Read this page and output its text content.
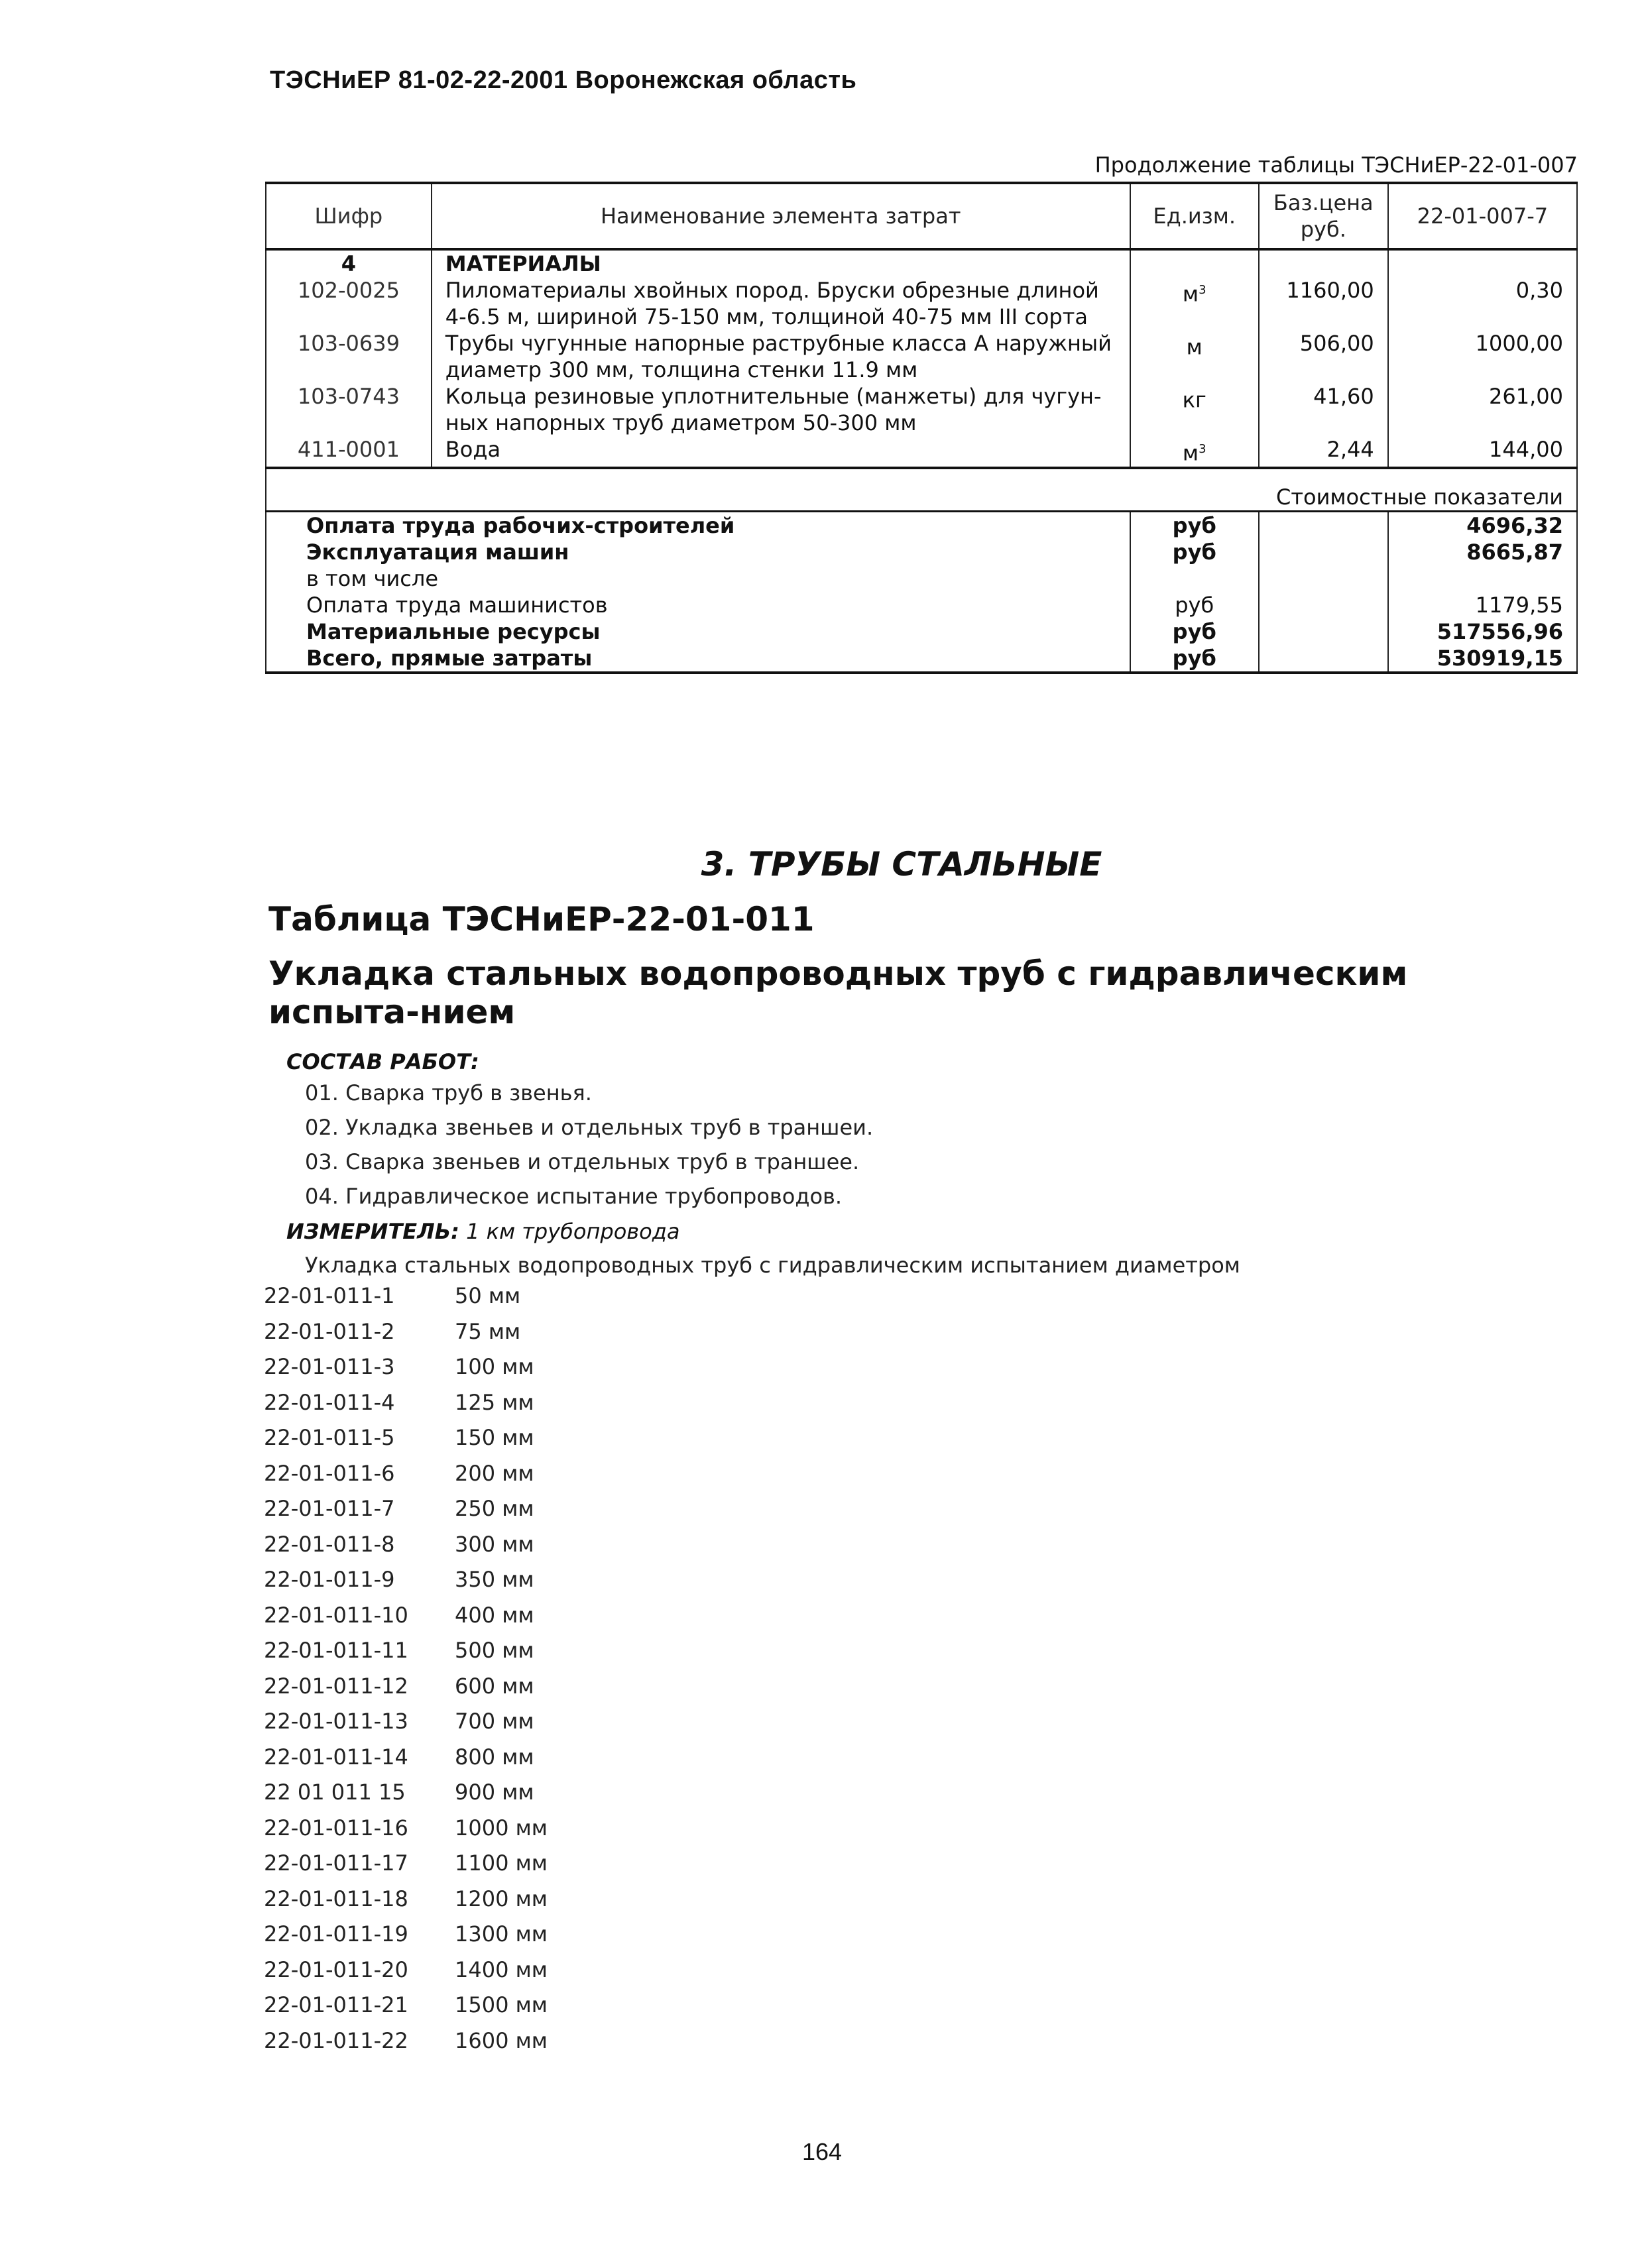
ТЭСНиЕР 81-02-22-2001 Воронежская область
Продолжение таблицы ТЭСНиЕР-22-01-007
Шифр	Наименование элемента затрат	Ед.изм.	Баз.цена руб.	22-01-007-7
4	МАТЕРИАЛЫ			
102-0025	Пиломатериалы хвойных пород. Бруски обрезные длиной 4-6.5 м, шириной 75-150 мм, толщиной 40-75 мм III сорта	$м^3$	1160,00	0,30
103-0639	Трубы чугунные напорные раструбные класса А наружный диаметр 300 мм, толщина стенки 11.9 мм	м	506,00	1000,00
103-0743	Кольца резиновые уплотнительные (манжеты) для чугун-ных напорных труб диаметром 50-300 мм	кг	41,60	261,00
411-0001	Вода	$м^3$	2,44	144,00

Стоимостные показатели				
Оплата труда рабочих-строителей		руб		4696,32
Эксплуатация машин		руб		8665,87
в том числе				
Оплата труда машинистов		руб		1179,55
Материальные ресурсы		руб		517556,96
Всего, прямые затраты		руб		530919,15
3. ТРУБЫ СТАЛЬНЫЕ
Таблица ТЭСНиЕР-22-01-011
Укладка стальных водопроводных труб с гидравлическим испыта-нием
СОСТАВ РАБОТ:
01. Сварка труб в звенья.
02. Укладка звеньев и отдельных труб в траншеи.
03. Сварка звеньев и отдельных труб в траншее.
04. Гидравлическое испытание трубопроводов.
ИЗМЕРИТЕЛЬ: 1 км трубопровода
Укладка стальных водопроводных труб с гидравлическим испытанием диаметром
22-01-011-1	50 мм
22-01-011-2	75 мм
22-01-011-3	100 мм
22-01-011-4	125 мм
22-01-011-5	150 мм
22-01-011-6	200 мм
22-01-011-7	250 мм
22-01-011-8	300 мм
22-01-011-9	350 мм
22-01-011-10	400 мм
22-01-011-11	500 мм
22-01-011-12	600 мм
22-01-011-13	700 мм
22-01-011-14	800 мм
22 01 011 15	900 мм
22-01-011-16	1000 мм
22-01-011-17	1100 мм
22-01-011-18	1200 мм
22-01-011-19	1300 мм
22-01-011-20	1400 мм
22-01-011-21	1500 мм
22-01-011-22	1600 мм
164
